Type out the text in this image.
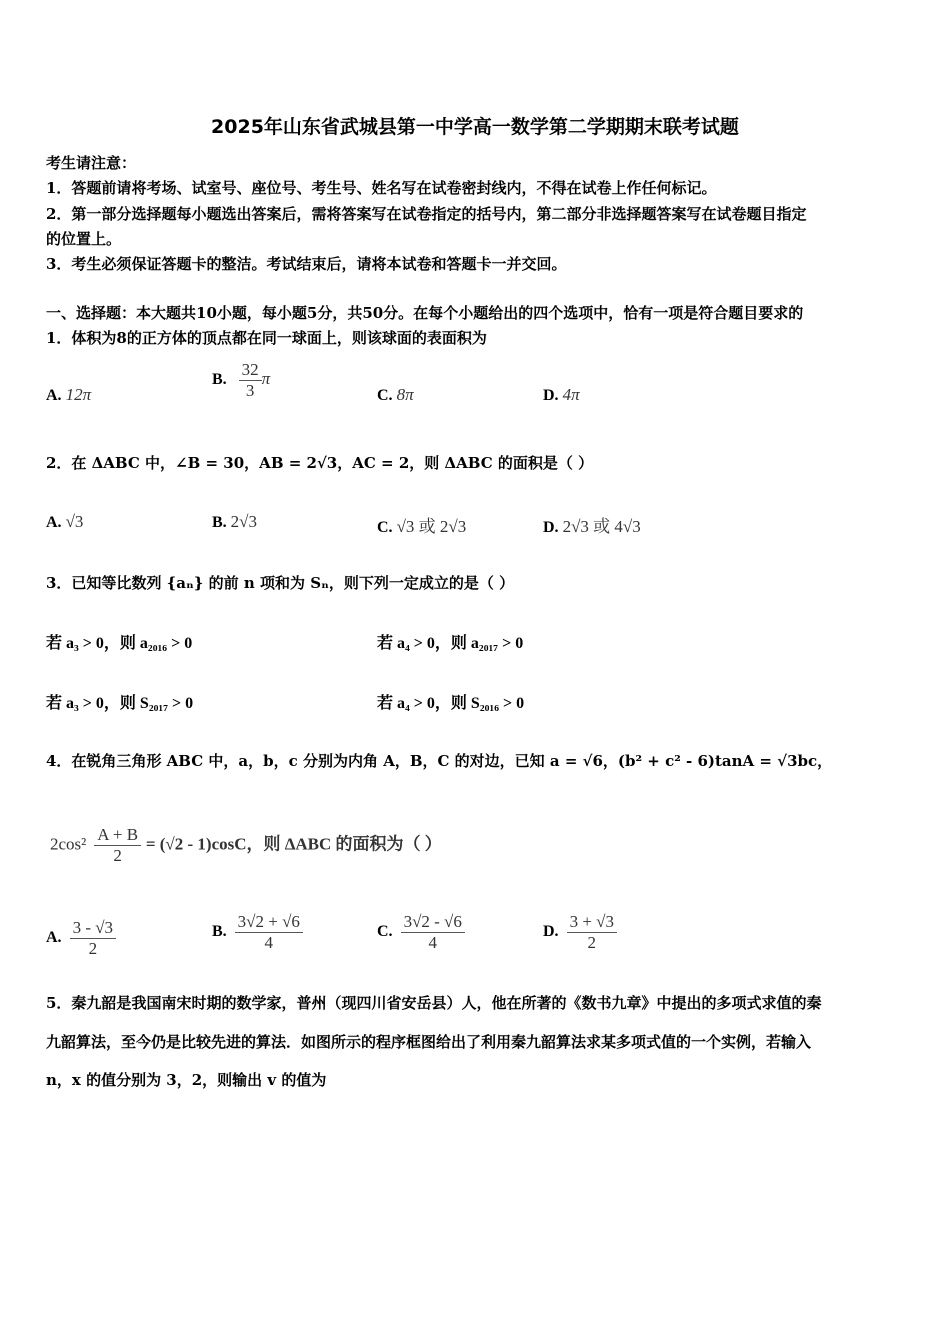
2025年山东省武城县第一中学高一数学第二学期期末联考试题
考生请注意：
1．答题前请将考场、试室号、座位号、考生号、姓名写在试卷密封线内，不得在试卷上作任何标记。
2．第一部分选择题每小题选出答案后，需将答案写在试卷指定的括号内，第二部分非选择题答案写在试卷题目指定
的位置上。
3．考生必须保证答题卡的整洁。考试结束后，请将本试卷和答题卡一并交回。
一、选择题：本大题共10小题，每小题5分，共50分。在每个小题给出的四个选项中，恰有一项是符合题目要求的
1．体积为8的正方体的顶点都在同一球面上，则该球面的表面积为
A. 12π
B. $\frac{32}{3}$ π
C. 8π	D. 4π
2．在 ΔABC 中，∠B = 30，AB = 2√3，AC = 2，则 ΔABC 的面积是（ ）
A. √3	B. 2√3	C. √3 或 2√3	D. 2√3 或 4√3
3．已知等比数列 {aₙ} 的前 n 项和为 Sₙ，则下列一定成立的是（ ）
若 a₃ > 0，则 a₂₀₁₆ > 0	若 a₄ > 0，则 a₂₀₁₇ > 0
若 a₃ > 0，则 S₂₀₁₇ > 0	若 a₄ > 0，则 S₂₀₁₆ > 0
4．在锐角三角形 ABC 中，a，b，c 分别为内角 A，B，C 的对边，已知 a = √6，(b² + c² - 6)tanA = √3bc，
$2\cos^2 \frac{A + B}{2} = (√2 - 1)\cos C$，则 ΔABC 的面积为（ ）
A. $\frac{3 - √3}{2}$	B. $\frac{3√2 + √6}{4}$	C. $\frac{3√2 - √6}{4}$	D. $\frac{3 + √3}{2}$
5．秦九韶是我国南宋时期的数学家，普州（现四川省安岳县）人，他在所著的《数书九章》中提出的多项式求值的秦
九韶算法，至今仍是比较先进的算法．如图所示的程序框图给出了利用秦九韶算法求某多项式值的一个实例，若输入
n，x 的值分别为 3，2，则输出 v 的值为
